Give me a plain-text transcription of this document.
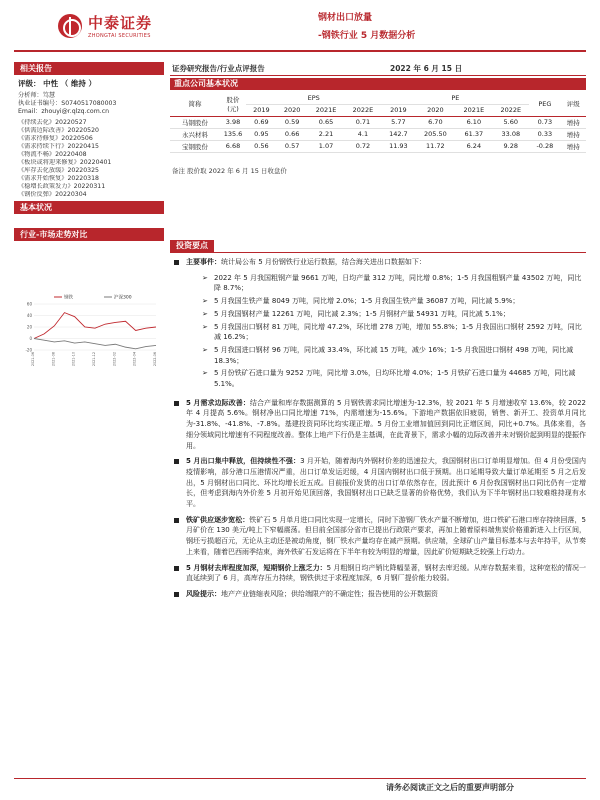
中泰证券
ZHONGTAI SECURITIES
钢材出口放量
-钢铁行业 5 月数据分析
相关报告
评级： 中性 （ 维持 ）
分析师：笃慧
执业证书编号：S0740517080003
Email：zhouyi@r.qlzq.com.cn
《持续去化》20220527
《供需边际改善》20220520
《需求待修复》20220506
《需求持续下行》20220415
《物流不畅》20220408
《板块或将迎来修复》20220401
《库存去化放缓》20220325
《需求开始恢复》20220318
《稳增长政策发力》20220311
《钢价反弹》20220304
基本状况
行业-市场走势对比
-20
0
20
40
60
2021-06	2021-08	2021-10	2021-12	2022-02	2022-04	2022-06
钢铁	沪深300
证券研究报告/行业点评报告	2022 年 6 月 15 日
重点公司基本状况
简称	股价 (元)	EPS				PE				PEG	评级
		2019	2020	2021E	2022E	2019	2020	2021E	2022E		
马钢股份	3.98	0.69	0.59	0.65	0.71	5.77	6.70	6.10	5.60	0.73	增持
永兴材料	135.6	0.95	0.66	2.21	4.1	142.7	205.50	61.37	33.08	0.33	增持
宝钢股份	6.68	0.56	0.57	1.07	0.72	11.93	11.72	6.24	9.28	-0.28	增持
备注 股价取 2022 年 6 月 15 日收盘价
投资要点
主要事件：统计局公布 5 月份钢铁行业运行数据，结合海关进出口数据如下：
➢ 2022 年 5 月我国粗钢产量 9661 万吨，日均产量 312 万吨，同比增 0.8%；1-5 月我国粗钢产量 43502 万吨，同比降 8.7%；
➢ 5 月我国生铁产量 8049 万吨，同比增 2.0%；1-5 月我国生铁产量 36087 万吨，同比减 5.9%；
➢ 5 月我国钢材产量 12261 万吨，同比减 2.3%；1-5 月钢材产量 54931 万吨，同比减 5.1%；
➢ 5 月我国出口钢材 81 万吨，同比增 47.2%，环比增 278 万吨，增加 55.8%；1-5 月我国出口钢材 2592 万吨，同比减 16.2%；
➢ 5 月我国进口钢材 96 万吨，同比减 33.4%，环比减 15 万吨，减少 16%；1-5 月我国进口钢材 498 万吨，同比减 18.3%；
➢ 5 月份铁矿石进口量为 9252 万吨，同比增 3.0%，日均环比增 4.0%；1-5 月铁矿石进口量为 44685 万吨，同比减 5.1%。
5 月需求边际改善：结合产量和库存数据测算的 5 月钢铁需求同比增速为-12.3%，较 2021 年 5 月增速收窄 13.6%，较 2022 年 4 月提高 5.6%。钢材净出口同比增速 71%，内需增速为-15.6%。下游地产数据依旧疲弱，销售、新开工、投资单月同比为-31.8%、-41.8%、-7.8%。基建投资同环比均实现正增。5 月份工业增加值回到同比正增区间，同比+0.7%。具体来看，各细分领域同比增速有不同程度改善。整体上地产下行仍是主基调，在此背景下，需求小幅的边际改善并未对钢价起到明显的提振作用。
5 月出口集中释放，但持续性不强：3 月开始，随着海内外钢材价差的迅速拉大，我国钢材出口订单明显增加。但 4 月份受国内疫情影响，部分港口压港情况严重，出口订单发运迟缓，4 月国内钢材出口低于预期。出口延期导致大量订单延期至 5 月之后发出，5 月钢材出口同比、环比均增长近五成。目前报价发货的出口订单依然存在，因此预计 6 月份我国钢材出口同比仍有一定增长，但考虑到海内外价差 5 月初开始见顶回落，我国钢材出口已缺乏显著的价格优势，我们认为下半年钢材出口较难维持现有水平。
铁矿供应逐步宽松：铁矿石 5 月单月进口同比实现一定增长，同时下游钢厂铁水产量不断增加，进口铁矿石港口库存持续回落，5 月矿价在 130 美元/吨上下窄幅震荡。但目前全国部分省市已提出行政限产要求，再加上随着原料端焦炭价格重新进入上行区间，钢坯亏损超百元，无论从主动还是被动角度，钢厂铁水产量均存在减产预期。供应端，全球矿山产量目标基本与去年持平，从节奏上来看，随着巴西雨季结束，海外铁矿石发运将在下半年有较为明显的增量，因此矿价短期缺乏较强上行动力。
5 月钢材去库程度加深，短期钢价上涨乏力：5 月粗钢日均产销比降幅显著，钢材去库迟缓。从库存数据来看，这种宽松的情况一直延续到了 6 月，高库存压力持续，钢铁供过于求程度加深，6 月钢厂提价能力较弱。
风险提示：地产产业链缩表风险；供给端限产的不确定性；报告使用的公开数据资
请务必阅读正文之后的重要声明部分
